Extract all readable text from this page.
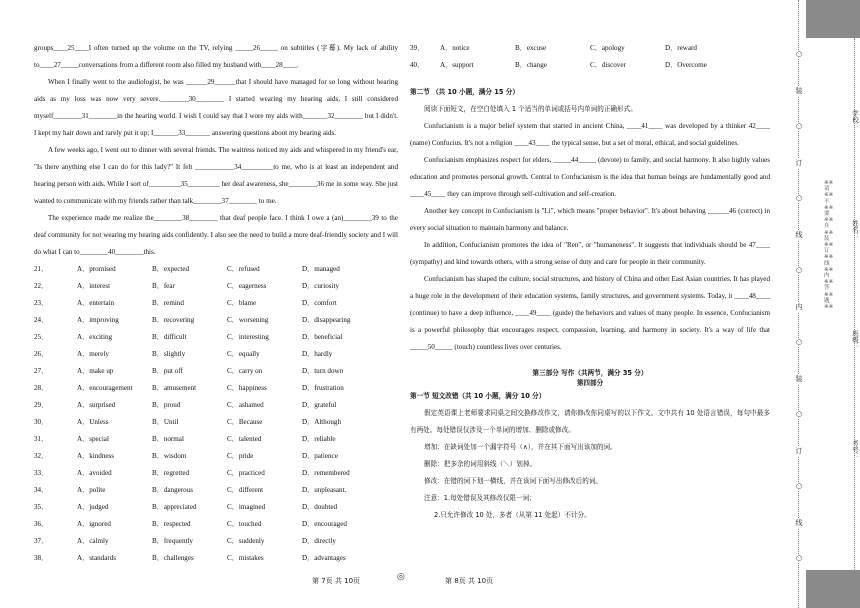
groups____25____I often turned up the volume on the TV, relying _____26_____ on subtitles (字幕). My lack of ability to____27_____conversations from a different room also filled my husband with____28____.

When I finally went to the audiologist, he was ______29______that I should have managed for so long without hearing aids as my loss was now very severe.________30________ I started wearing my hearing aids, I still considered myself________31________in the hearing world. I wish I could say that I wore my aids with_______32________ but I didn't. I kept my hair down and rarely put it up; I_______33_______ answering questions about my hearing aids.

A few weeks ago, I went out to dinner with several friends. The waitress noticed my aids and whispered in my friend's ear, "Is there anything else I can do for this lady?" It felt ___________34_________to me, who is at least an independent and hearing person with aids. While I sort of_________35_________ her deaf awareness, she________36 me in some way. She just wanted to communicate with my friends rather than talk________37________ to me.

The experience made me realize the________38________ that deaf people face. I think I owe a (an)________39 to the deaf community for not wearing my hearing aids confidently. I also see the need to build a more deaf-friendly society and I will do what I can to________40________this.

21．	A．promised	B．expected	C．refused	D．managed
22．	A．interest	B．fear	C．eagerness	D．curiosity
23．	A．entertain	B．remind	C．blame	D．comfort
24．	A．improving	B．recovering	C．worsening	D．disappearing
25．	A．exciting	B．difficult	C．interesting	D．beneficial
26．	A．merely	B．slightly	C．equally	D．hardly
27．	A．make up	B．put off	C．carry on	D．turn down
28．	A．encouragement	B．amusement	C．happiness	D．frustration
29．	A．surprised	B．proud	C．ashamed	D．grateful
30．	A．Unless	B．Until	C．Because	D．Although
31．	A．special	B．normal	C．talented	D．reliable
32．	A．kindness	B．wisdom	C．pride	D．patience
33．	A．avoided	B．regretted	C．practiced	D．remembered
34．	A．polite	B．dangerous	C．different	D．unpleasant.
35．	A．judged	B．appreciated	C．imagined	D．doubted
36．	A．ignored	B．respected	C．touched	D．encouraged
37．	A．calmly	B．frequently	C．suddenly	D．directly
38．	A．standards	B．challenges	C．mistakes	D．advantages
39．	A．notice	B．excuse	C．apology	D．reward
40．	A．support	B．change	C．discover	D．Overcome
第二节 （共 10 小题，满分 15 分）

阅读下面短文，在空白处填入 1 个适当的单词或括号内单词的正确形式。

Confucianism is a major belief system that started in ancient China, ____41____ was developed by a thinker 42____ (name) Confucius. It's not a religion ____43____ the typical sense, but a set of moral, ethical, and social guidelines.

Confucianism emphasizes respect for elders, _____44_____ (devote) to family, and social harmony. It also highly values education and promotes personal growth. Central to Confucianism is the idea that human beings are fundamentally good and ____45____ they can improve through self-cultivation and self-creation.

Another key concept in Confucianism is "Li", which means "proper behavior". It's about behaving ______46 (correct) in every social situation to maintain harmony and balance.

In addition, Confucianism promotes the idea of "Ren", or "humaneness". It suggests that individuals should be 47____ (sympathy) and kind towards others, with a strong sense of duty and care for people in their community.

Confucianism has shaped the culture, social structures, and history of China and other East Asian countries. It has played a huge role in the development of their education systems, family structures, and government systems. Today, it ____48____ (continue) to have a deep influence, ____49____ (guide) the behaviors and values of many people. In essence, Confucianism is a powerful philosophy that encourages respect, compassion, learning, and harmony in society. It's a way of life that _____50_____ (touch) countless lives over centuries.

第三部分 写作（共两节，满分 35 分）
第四部分
第一节 短文改错（共 10 小题，满分 10 分）

假定英语课上老师要求同桌之间交换修改作文，请你修改你同桌写的以下作文。文中共有 10 处语言错误，每句中最多有两处。每处错误仅涉及一个单词的增加、删除或修改。

增加：在缺词处加一个漏字符号（∧），并在其下面写出该加的词。

删除：把多余的词用斜线（＼）划掉。

修改：在错的词下划一横线，并在该词下面写出修改后的词。

注意：1.每处错误及其修改仅限一词；

2.只允许修改 10 处，多者（从第 11 处起）不计分。

第 7页 共 10页	◎	第 8页 共 10页
○
装
○
订
○
线
○
内
○
装
○
订
○
线
○
※※请※※不※※要※※在※※装※※订※※线※※内※※答※※题※※
学校：
姓名：
班级：
考号：
